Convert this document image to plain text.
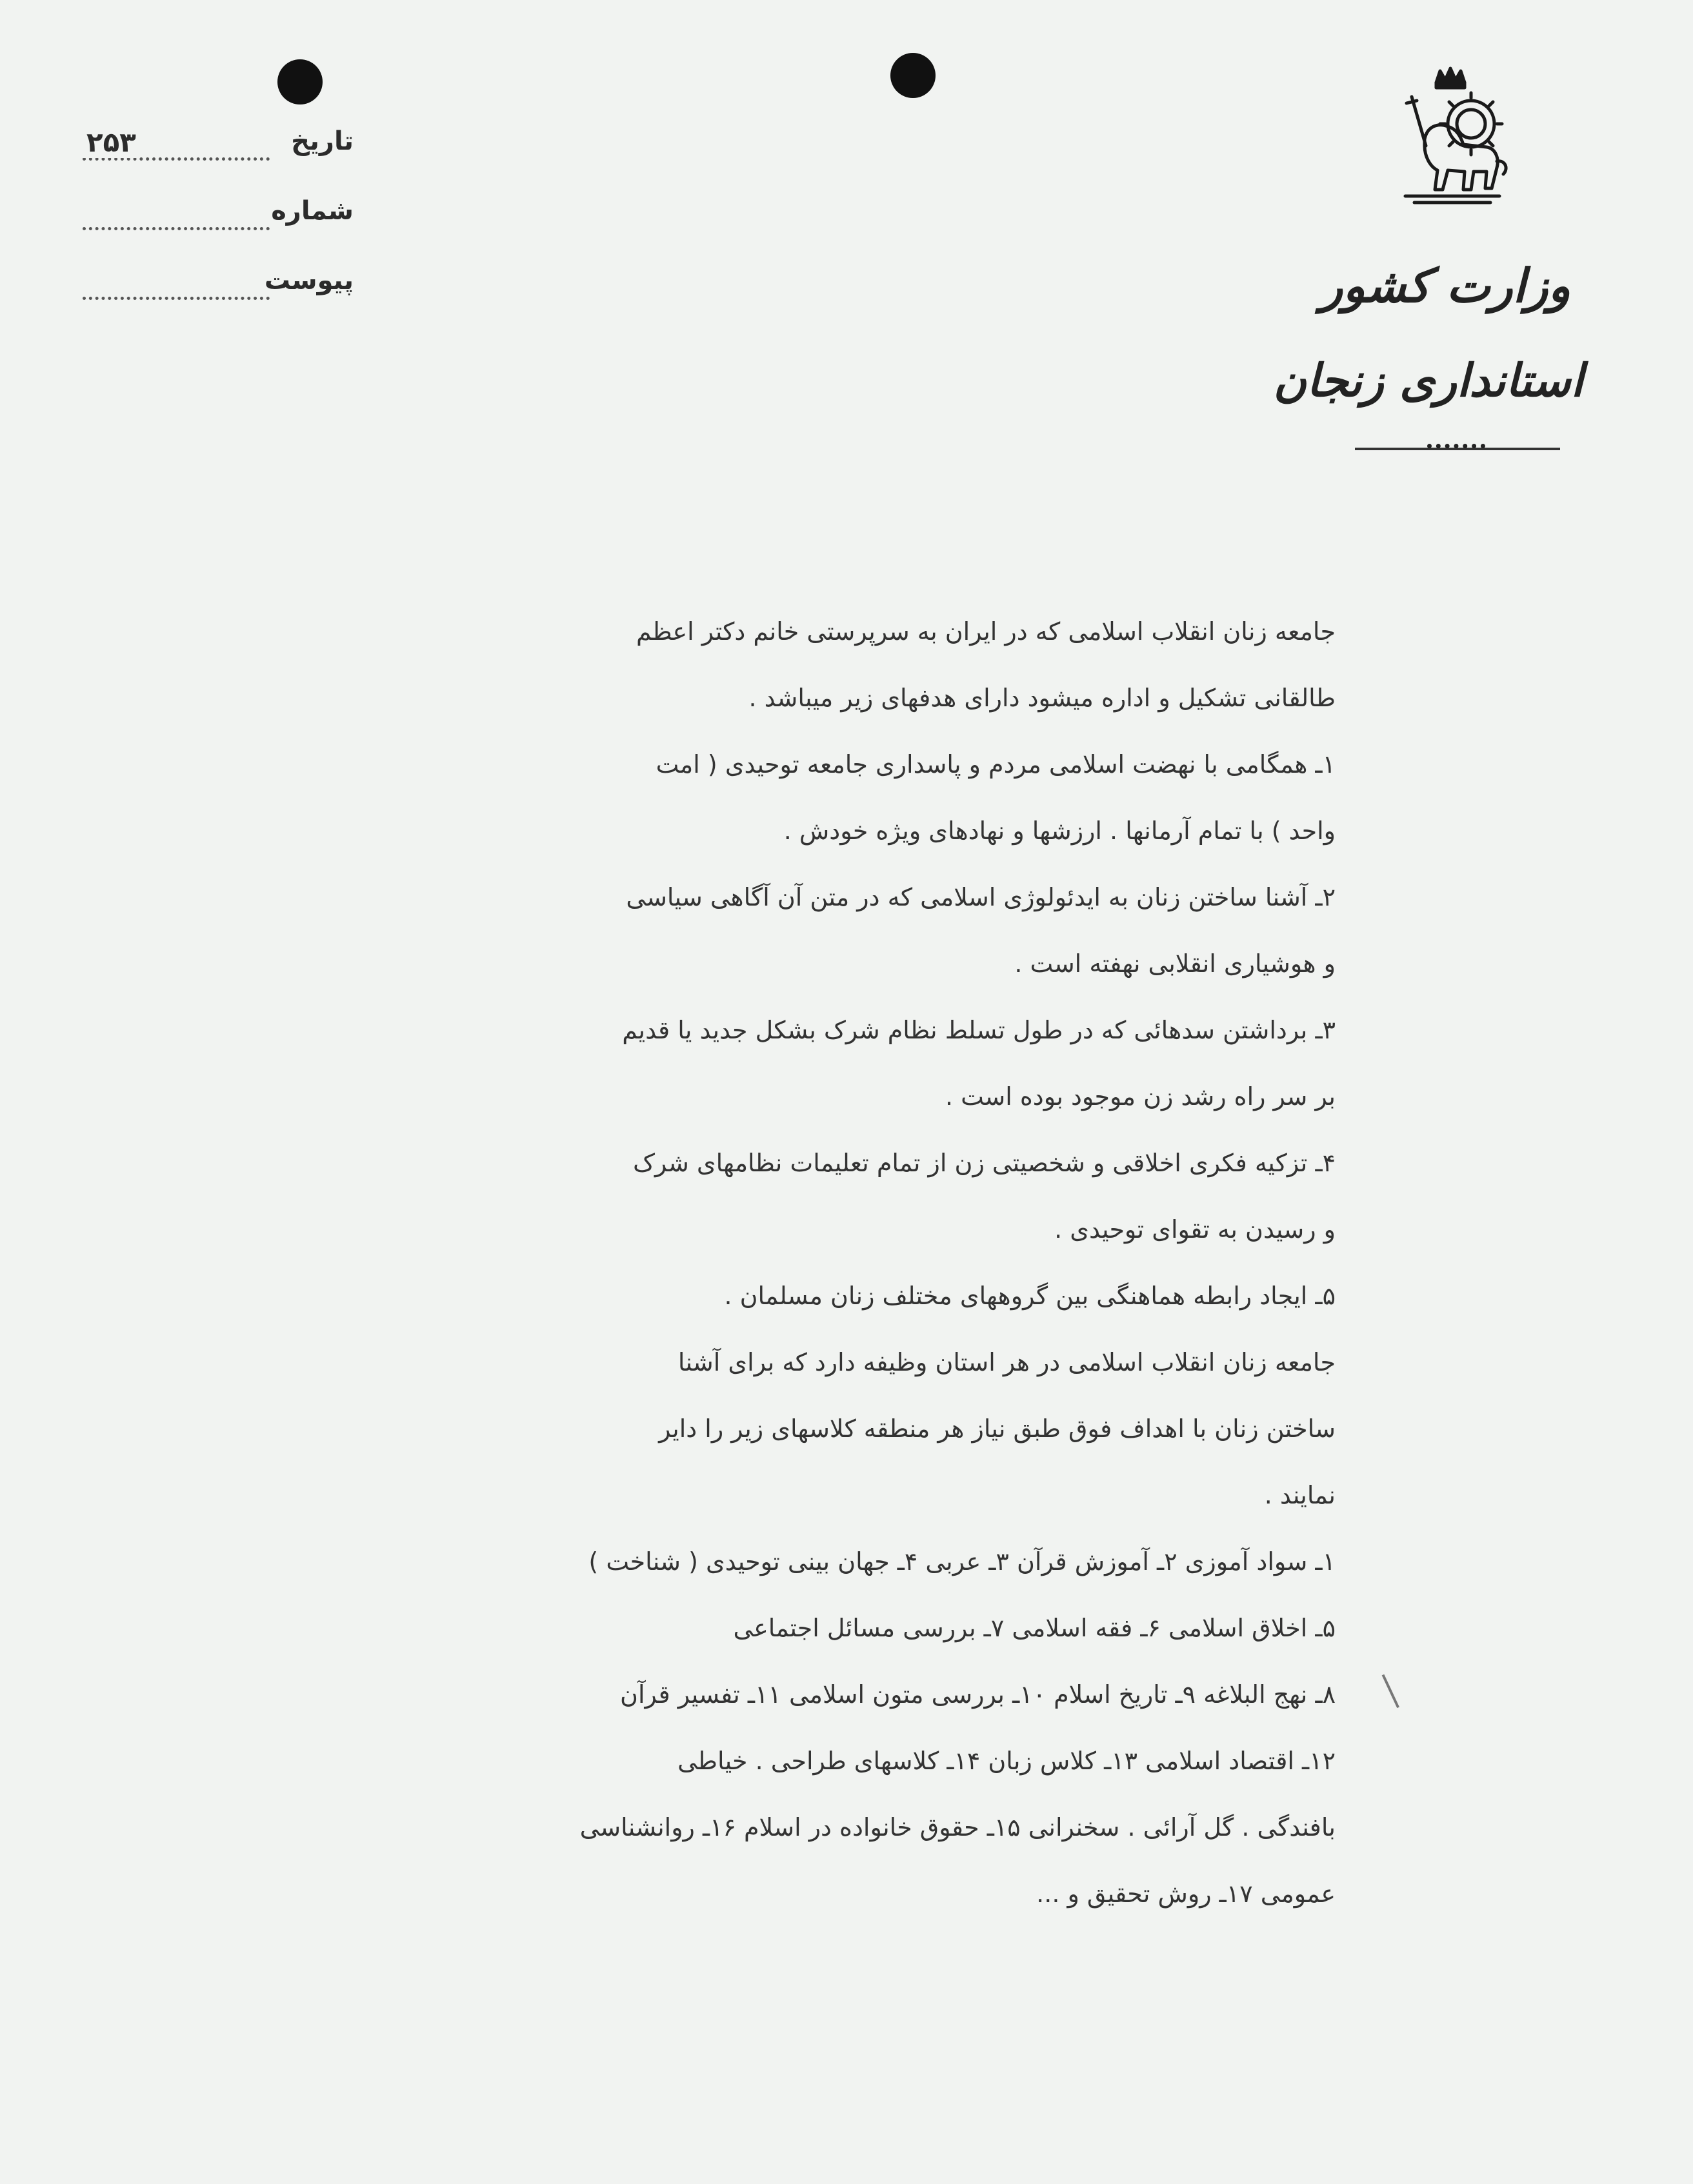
تاریخ
۲۵۳
شماره
پیوست	وزارت کشور
استانداری زنجان
جامعه زنان انقلاب اسلامی که در ایران به سرپرستی خانم دکتر اعظم
طالقانی تشکیل و اداره میشود دارای هدفهای زیر میباشد .
۱ـ همگامی با نهضت اسلامی مردم و پاسداری جامعه توحیدی ( امت
واحد ) با تمام آرمانها . ارزشها و نهادهای ویژه خودش .
۲ـ آشنا ساختن زنان به ایدئولوژی اسلامی که در متن آن آگاهی سیاسی
و هوشیاری انقلابی نهفته است .
۳ـ برداشتن سدهائی که در طول تسلط نظام شرک بشکل جدید یا قدیم
بر سر راه رشد زن موجود بوده است .
۴ـ تزکیه فکری اخلاقی و شخصیتی زن از تمام تعلیمات نظامهای شرک
و رسیدن به تقوای توحیدی .
۵ـ ایجاد رابطه هماهنگی بین گروههای مختلف زنان مسلمان .
جامعه زنان انقلاب اسلامی در هر استان وظیفه دارد که برای آشنا
ساختن زنان با اهداف فوق طبق نیاز هر منطقه کلاسهای زیر را دایر
نمایند .
۱ـ سواد آموزی ۲ـ آموزش قرآن ۳ـ عربی ۴ـ جهان بینی توحیدی ( شناخت )
۵ـ اخلاق اسلامی ۶ـ فقه اسلامی ۷ـ بررسی مسائل اجتماعی
۸ـ نهج البلاغه ۹ـ تاریخ اسلام ۱۰ـ بررسی متون اسلامی ۱۱ـ تفسیر قرآن
۱۲ـ اقتصاد اسلامی ۱۳ـ کلاس زبان ۱۴ـ کلاسهای طراحی . خیاطی
بافندگی . گل آرائی . سخنرانی ۱۵ـ حقوق خانواده در اسلام ۱۶ـ روانشناسی
عمومی ۱۷ـ روش تحقیق و ...
